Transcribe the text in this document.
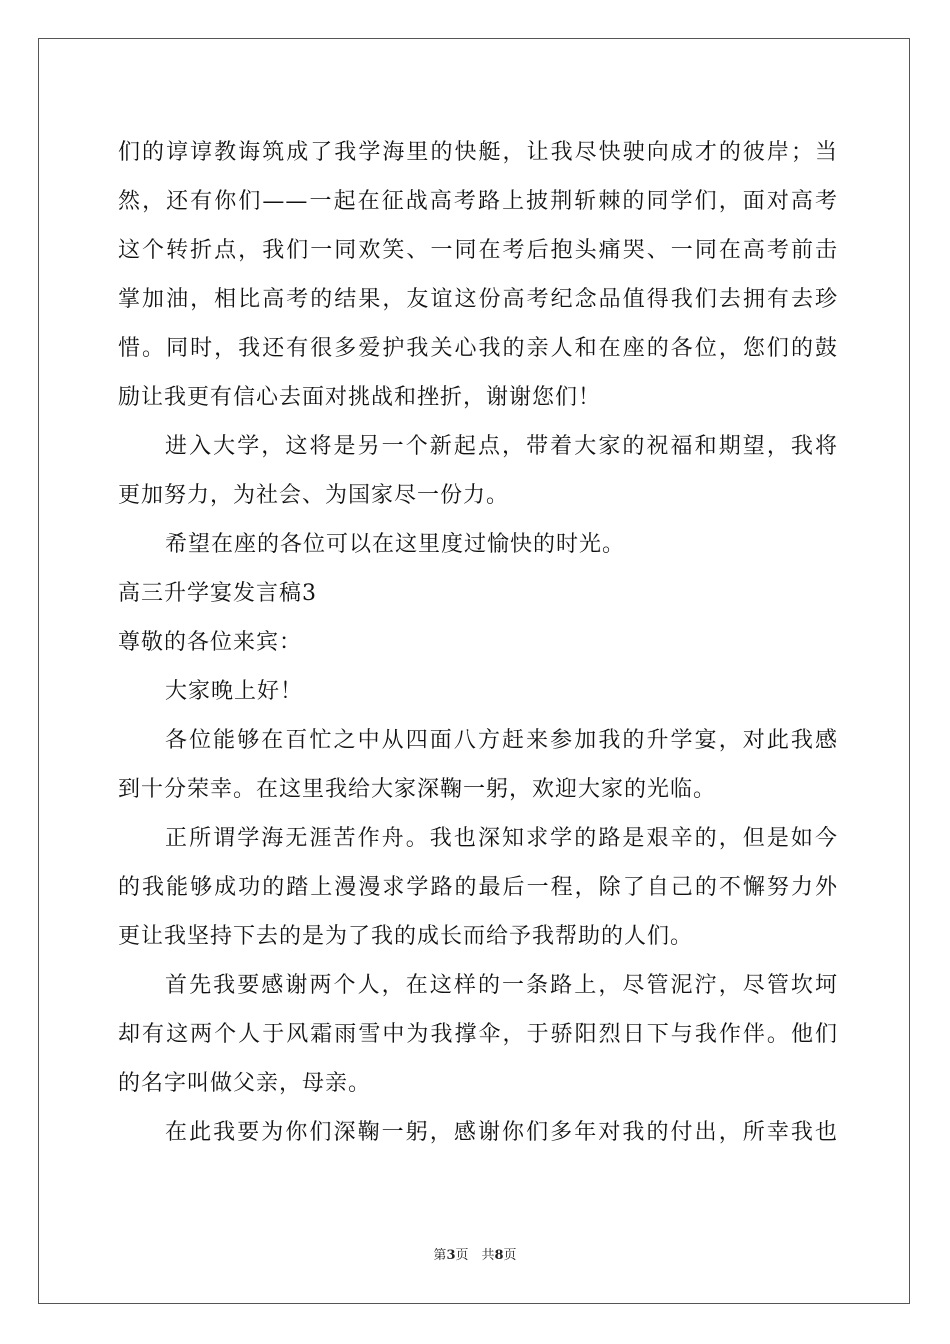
们的谆谆教诲筑成了我学海里的快艇，让我尽快驶向成才的彼岸；当
然，还有你们——一起在征战高考路上披荆斩棘的同学们，面对高考
这个转折点，我们一同欢笑、一同在考后抱头痛哭、一同在高考前击
掌加油，相比高考的结果，友谊这份高考纪念品值得我们去拥有去珍
惜。同时，我还有很多爱护我关心我的亲人和在座的各位，您们的鼓
励让我更有信心去面对挑战和挫折，谢谢您们！
进入大学，这将是另一个新起点，带着大家的祝福和期望，我将
更加努力，为社会、为国家尽一份力。
希望在座的各位可以在这里度过愉快的时光。
高三升学宴发言稿3
尊敬的各位来宾：
大家晚上好！
各位能够在百忙之中从四面八方赶来参加我的升学宴，对此我感
到十分荣幸。在这里我给大家深鞠一躬，欢迎大家的光临。
正所谓学海无涯苦作舟。我也深知求学的路是艰辛的，但是如今
的我能够成功的踏上漫漫求学路的最后一程，除了自己的不懈努力外
更让我坚持下去的是为了我的成长而给予我帮助的人们。
首先我要感谢两个人，在这样的一条路上，尽管泥泞，尽管坎坷
却有这两个人于风霜雨雪中为我撑伞，于骄阳烈日下与我作伴。他们
的名字叫做父亲，母亲。
在此我要为你们深鞠一躬，感谢你们多年对我的付出，所幸我也
第3页　共8页
